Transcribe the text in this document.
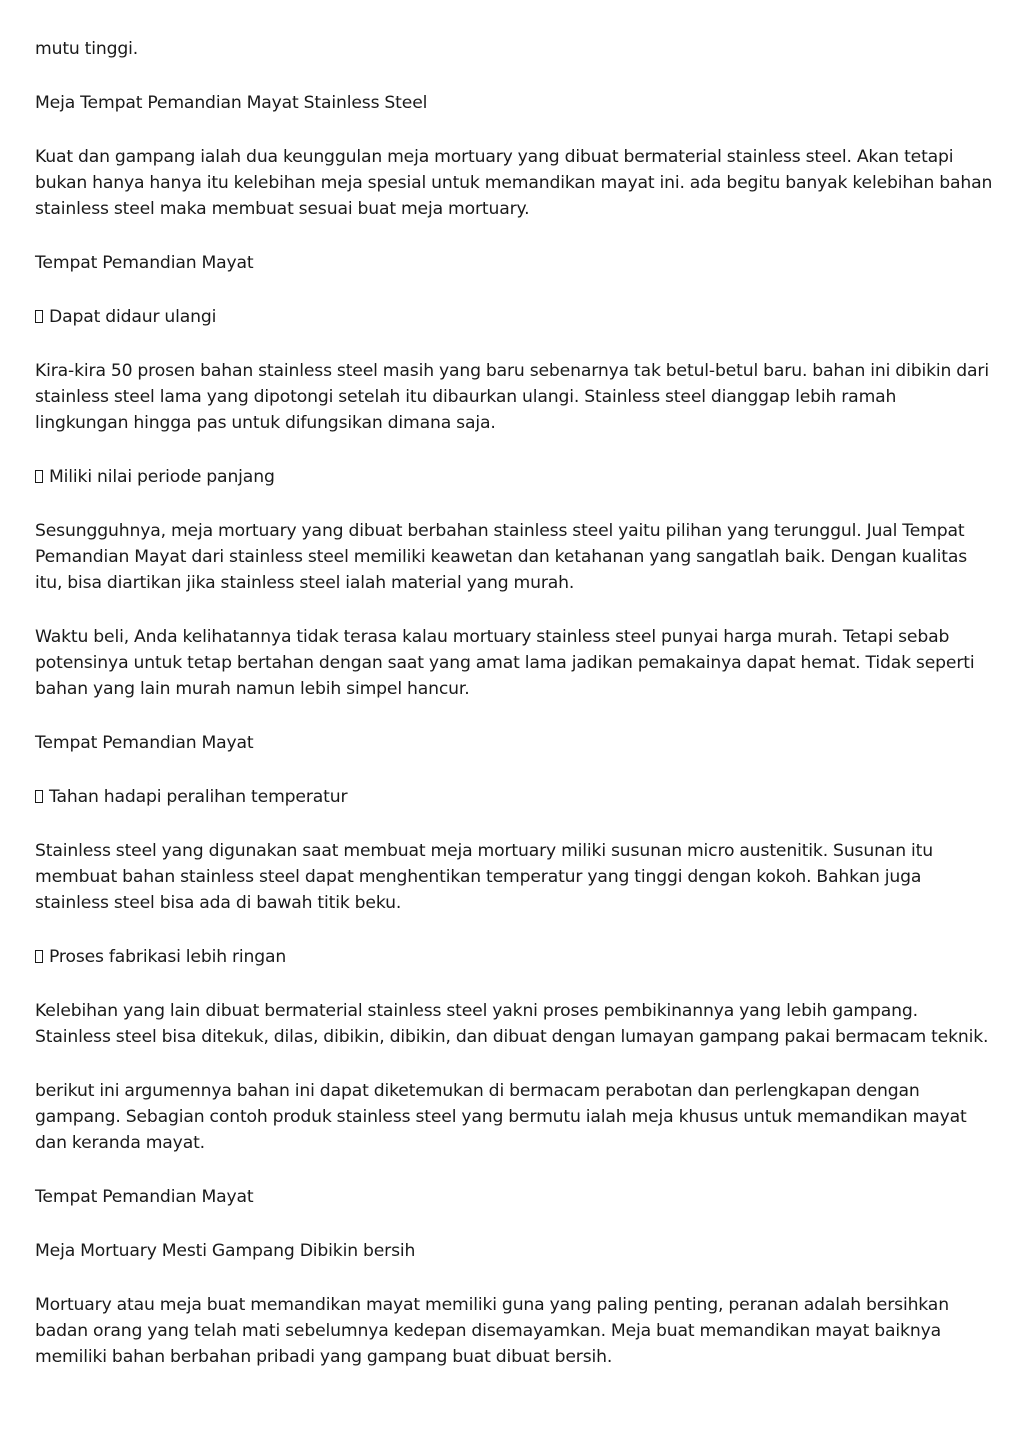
mutu tinggi.

Meja Tempat Pemandian Mayat Stainless Steel

Kuat dan gampang ialah dua keunggulan meja mortuary yang dibuat bermaterial stainless steel. Akan tetapi bukan hanya hanya itu kelebihan meja spesial untuk memandikan mayat ini. ada begitu banyak kelebihan bahan stainless steel maka membuat sesuai buat meja mortuary.

Tempat Pemandian Mayat

Dapat didaur ulangi

Kira-kira 50 prosen bahan stainless steel masih yang baru sebenarnya tak betul-betul baru. bahan ini dibikin dari stainless steel lama yang dipotongi setelah itu dibaurkan ulangi. Stainless steel dianggap lebih ramah lingkungan hingga pas untuk difungsikan dimana saja.

Miliki nilai periode panjang

Sesungguhnya, meja mortuary yang dibuat berbahan stainless steel yaitu pilihan yang terunggul. Jual Tempat Pemandian Mayat dari stainless steel memiliki keawetan dan ketahanan yang sangatlah baik. Dengan kualitas itu, bisa diartikan jika stainless steel ialah material yang murah.

Waktu beli, Anda kelihatannya tidak terasa kalau mortuary stainless steel punyai harga murah. Tetapi sebab potensinya untuk tetap bertahan dengan saat yang amat lama jadikan pemakainya dapat hemat. Tidak seperti bahan yang lain murah namun lebih simpel hancur.

Tempat Pemandian Mayat

Tahan hadapi peralihan temperatur

Stainless steel yang digunakan saat membuat meja mortuary miliki susunan micro austenitik. Susunan itu membuat bahan stainless steel dapat menghentikan temperatur yang tinggi dengan kokoh. Bahkan juga stainless steel bisa ada di bawah titik beku.

Proses fabrikasi lebih ringan

Kelebihan yang lain dibuat bermaterial stainless steel yakni proses pembikinannya yang lebih gampang. Stainless steel bisa ditekuk, dilas, dibikin, dibikin, dan dibuat dengan lumayan gampang pakai bermacam teknik.

berikut ini argumennya bahan ini dapat diketemukan di bermacam perabotan dan perlengkapan dengan gampang. Sebagian contoh produk stainless steel yang bermutu ialah meja khusus untuk memandikan mayat dan keranda mayat.

Tempat Pemandian Mayat

Meja Mortuary Mesti Gampang Dibikin bersih

Mortuary atau meja buat memandikan mayat memiliki guna yang paling penting, peranan adalah bersihkan badan orang yang telah mati sebelumnya kedepan disemayamkan. Meja buat memandikan mayat baiknya memiliki bahan berbahan pribadi yang gampang buat dibuat bersih.
